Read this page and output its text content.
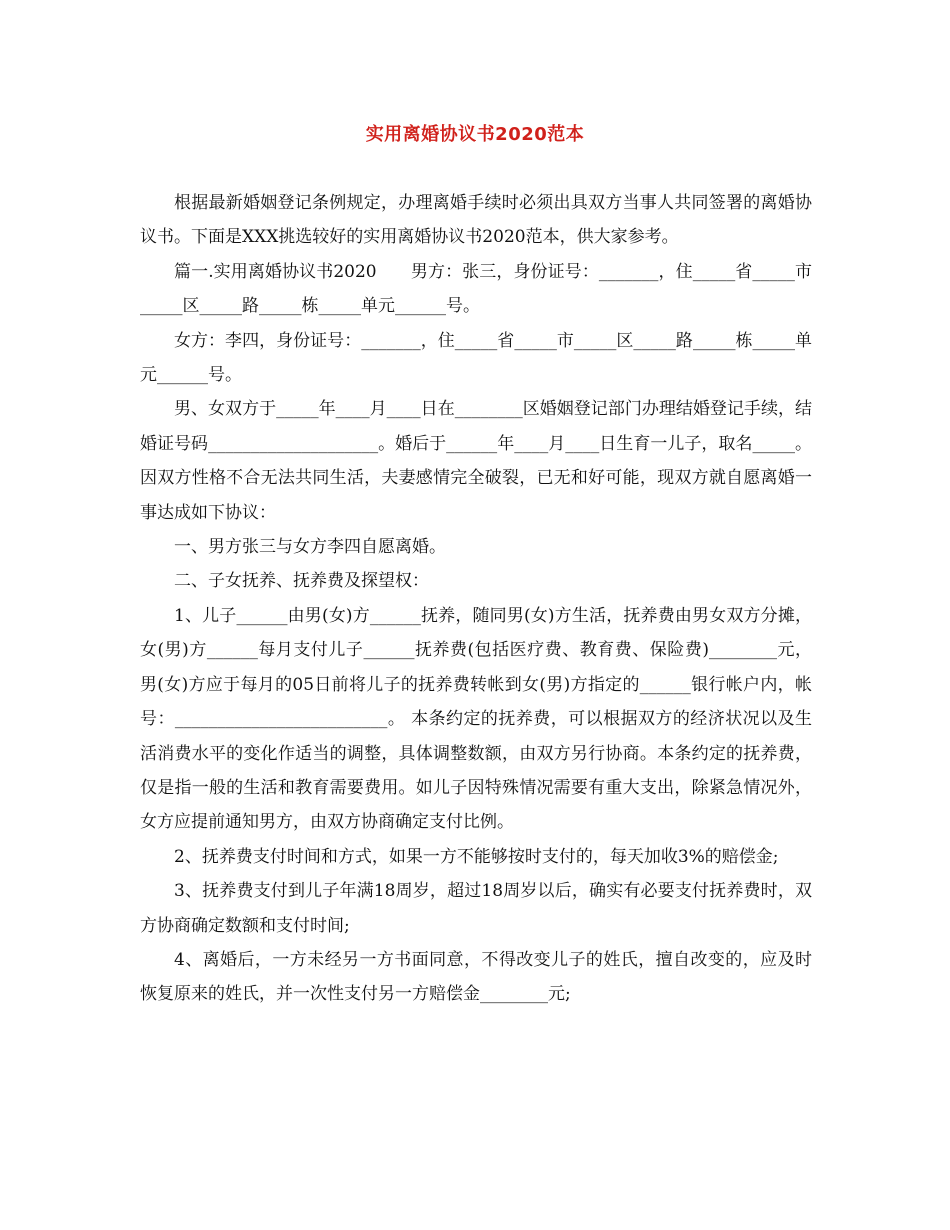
实用离婚协议书2020范本

根据最新婚姻登记条例规定，办理离婚手续时必须出具双方当事人共同签署的离婚协议书。下面是XXX挑选较好的实用离婚协议书2020范本，供大家参考。

篇一.实用离婚协议书2020　　男方：张三，身份证号：_______，住_____省_____市_____区_____路_____栋_____单元______号。

女方：李四，身份证号：_______，住_____省_____市_____区_____路_____栋_____单元______号。

男、女双方于_____年____月____日在________区婚姻登记部门办理结婚登记手续，结婚证号码____________________。婚后于______年____月____日生育一儿子，取名_____。因双方性格不合无法共同生活，夫妻感情完全破裂，已无和好可能，现双方就自愿离婚一事达成如下协议：

一、男方张三与女方李四自愿离婚。

二、子女抚养、抚养费及探望权：

1、儿子______由男(女)方______抚养，随同男(女)方生活，抚养费由男女双方分摊，女(男)方______每月支付儿子______抚养费(包括医疗费、教育费、保险费)________元，男(女)方应于每月的05日前将儿子的抚养费转帐到女(男)方指定的______银行帐户内，帐号：_________________________。 本条约定的抚养费，可以根据双方的经济状况以及生活消费水平的变化作适当的调整，具体调整数额，由双方另行协商。本条约定的抚养费，仅是指一般的生活和教育需要费用。如儿子因特殊情况需要有重大支出，除紧急情况外，女方应提前通知男方，由双方协商确定支付比例。

2、抚养费支付时间和方式，如果一方不能够按时支付的，每天加收3%的赔偿金;

3、抚养费支付到儿子年满18周岁，超过18周岁以后，确实有必要支付抚养费时，双方协商确定数额和支付时间;

4、离婚后，一方未经另一方书面同意，不得改变儿子的姓氏，擅自改变的，应及时恢复原来的姓氏，并一次性支付另一方赔偿金________元;
